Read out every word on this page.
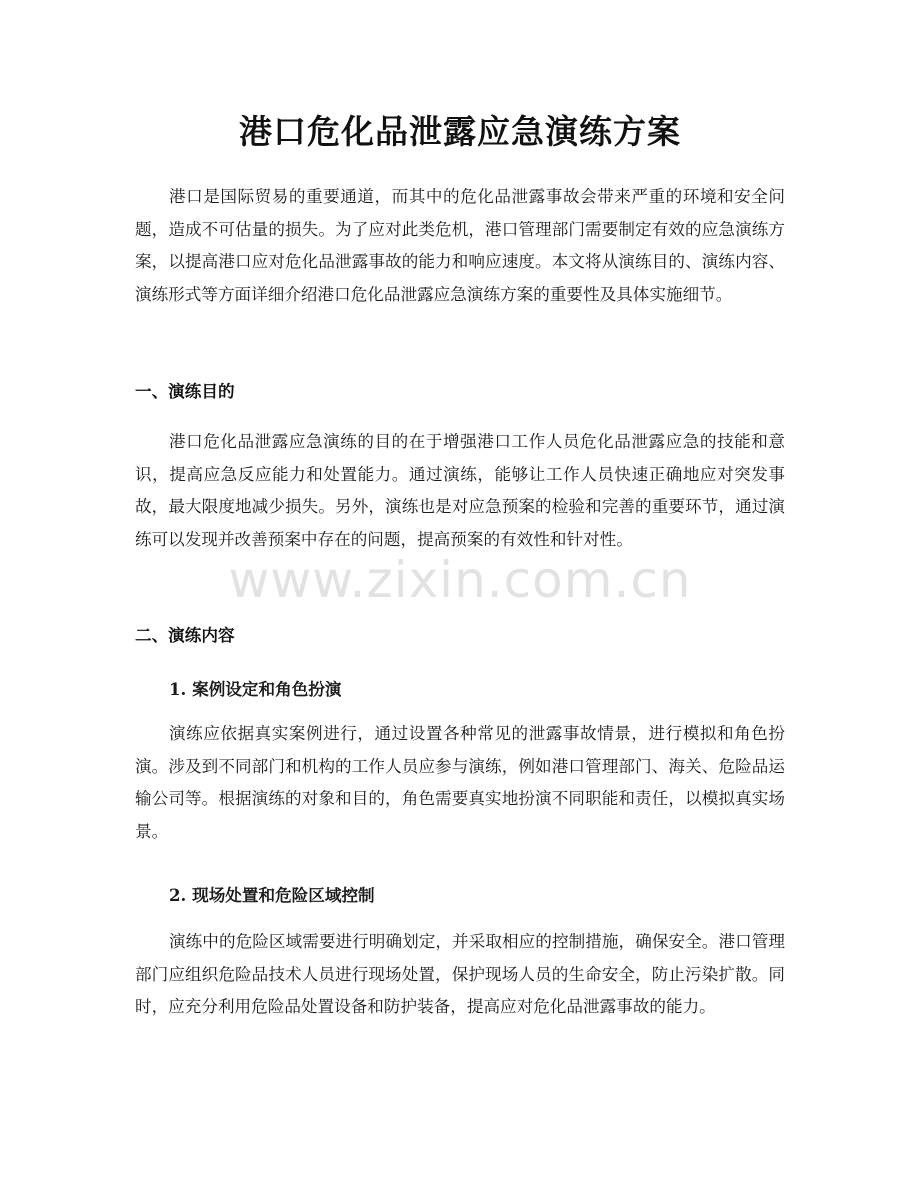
港口危化品泄露应急演练方案

港口是国际贸易的重要通道，而其中的危化品泄露事故会带来严重的环境和安全问题，造成不可估量的损失。为了应对此类危机，港口管理部门需要制定有效的应急演练方案，以提高港口应对危化品泄露事故的能力和响应速度。本文将从演练目的、演练内容、演练形式等方面详细介绍港口危化品泄露应急演练方案的重要性及具体实施细节。

一、演练目的

港口危化品泄露应急演练的目的在于增强港口工作人员危化品泄露应急的技能和意识，提高应急反应能力和处置能力。通过演练，能够让工作人员快速正确地应对突发事故，最大限度地减少损失。另外，演练也是对应急预案的检验和完善的重要环节，通过演练可以发现并改善预案中存在的问题，提高预案的有效性和针对性。

二、演练内容
1. 案例设定和角色扮演

演练应依据真实案例进行，通过设置各种常见的泄露事故情景，进行模拟和角色扮演。涉及到不同部门和机构的工作人员应参与演练，例如港口管理部门、海关、危险品运输公司等。根据演练的对象和目的，角色需要真实地扮演不同职能和责任，以模拟真实场景。

2. 现场处置和危险区域控制

演练中的危险区域需要进行明确划定，并采取相应的控制措施，确保安全。港口管理部门应组织危险品技术人员进行现场处置，保护现场人员的生命安全，防止污染扩散。同时，应充分利用危险品处置设备和防护装备，提高应对危化品泄露事故的能力。

www.zixin.com.cn
